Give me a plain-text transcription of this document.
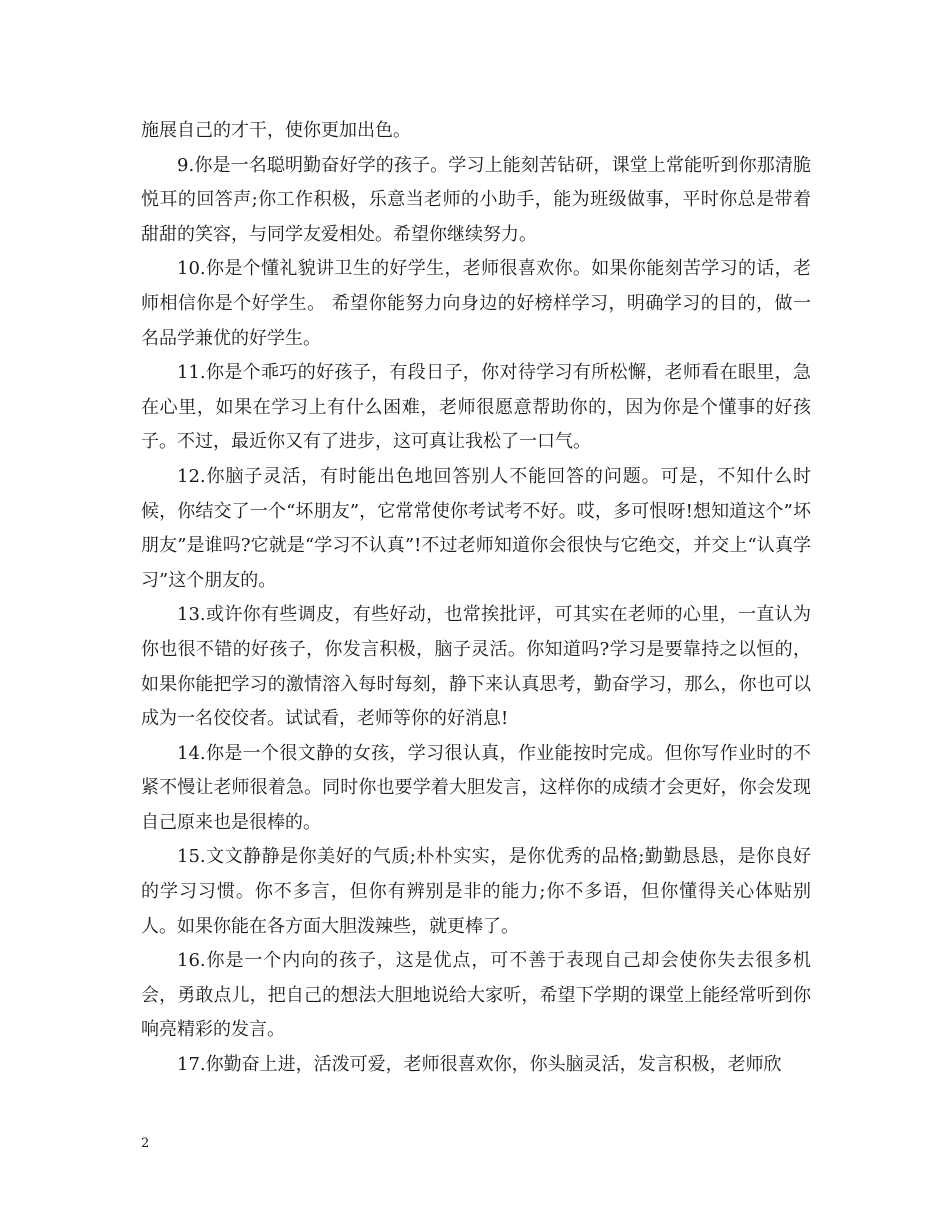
施展自己的才干，使你更加出色。

9.你是一名聪明勤奋好学的孩子。学习上能刻苦钻研，课堂上常能听到你那清脆悦耳的回答声;你工作积极，乐意当老师的小助手，能为班级做事，平时你总是带着甜甜的笑容，与同学友爱相处。希望你继续努力。

10.你是个懂礼貌讲卫生的好学生，老师很喜欢你。如果你能刻苦学习的话，老师相信你是个好学生。 希望你能努力向身边的好榜样学习，明确学习的目的，做一名品学兼优的好学生。

11.你是个乖巧的好孩子，有段日子，你对待学习有所松懈，老师看在眼里，急在心里，如果在学习上有什么困难，老师很愿意帮助你的，因为你是个懂事的好孩子。不过，最近你又有了进步，这可真让我松了一口气。

12.你脑子灵活，有时能出色地回答别人不能回答的问题。可是，不知什么时候，你结交了一个“坏朋友”，它常常使你考试考不好。哎，多可恨呀!想知道这个”坏朋友”是谁吗?它就是“学习不认真”!不过老师知道你会很快与它绝交，并交上“认真学习”这个朋友的。

13.或许你有些调皮，有些好动，也常挨批评，可其实在老师的心里，一直认为你也很不错的好孩子，你发言积极，脑子灵活。你知道吗?学习是要靠持之以恒的，如果你能把学习的激情溶入每时每刻，静下来认真思考，勤奋学习，那么，你也可以成为一名佼佼者。试试看，老师等你的好消息!

14.你是一个很文静的女孩，学习很认真，作业能按时完成。但你写作业时的不紧不慢让老师很着急。同时你也要学着大胆发言，这样你的成绩才会更好，你会发现自己原来也是很棒的。

15.文文静静是你美好的气质;朴朴实实，是你优秀的品格;勤勤恳恳，是你良好的学习习惯。你不多言，但你有辨别是非的能力;你不多语，但你懂得关心体贴别人。如果你能在各方面大胆泼辣些，就更棒了。

16.你是一个内向的孩子，这是优点，可不善于表现自己却会使你失去很多机会，勇敢点儿，把自己的想法大胆地说给大家听，希望下学期的课堂上能经常听到你响亮精彩的发言。

17.你勤奋上进，活泼可爱，老师很喜欢你，你头脑灵活，发言积极，老师欣

2
